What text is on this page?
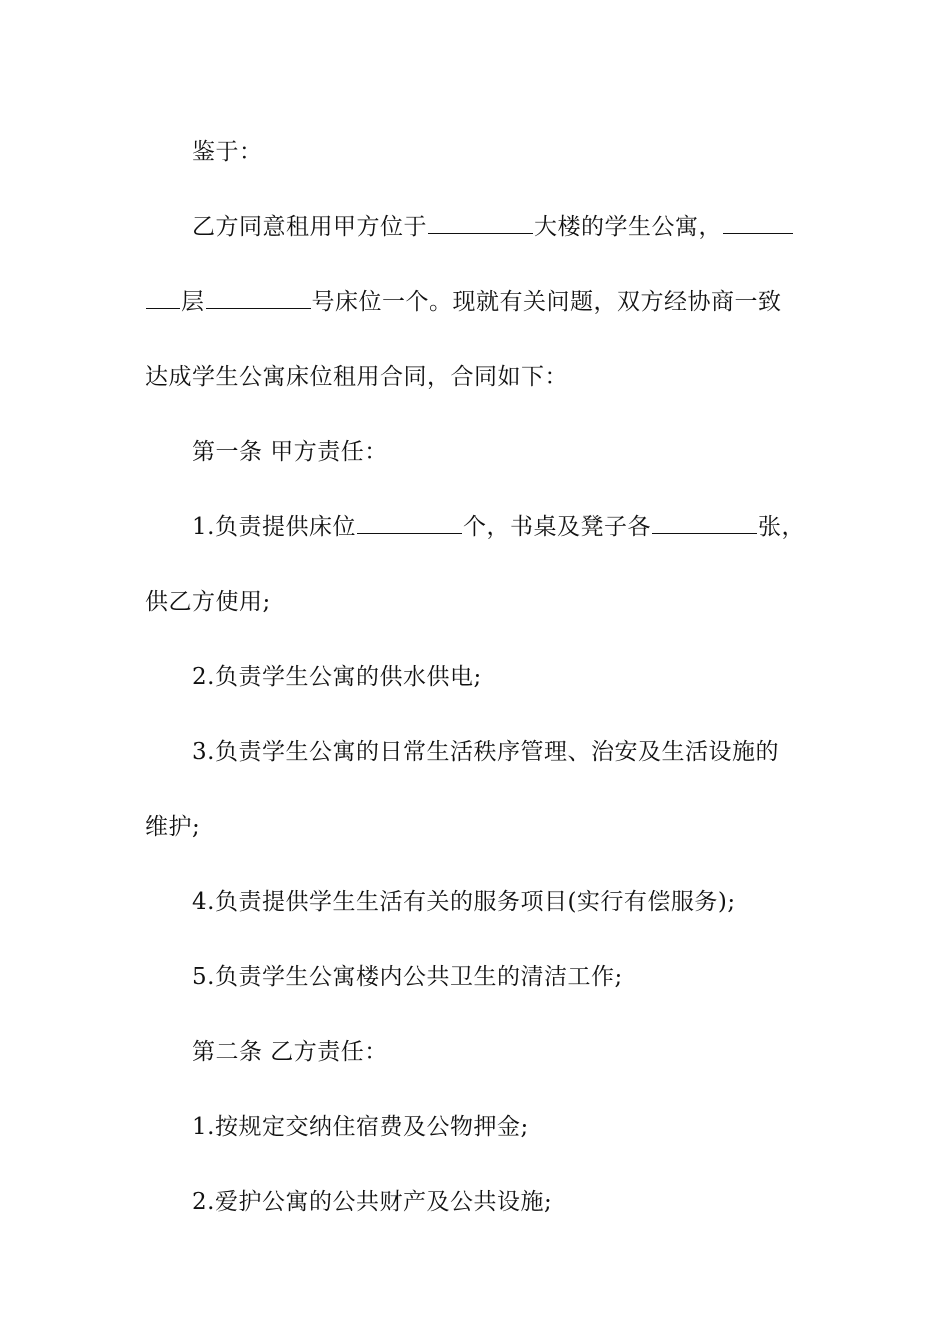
鉴于：
乙方同意租用甲方位于	大楼的学生公寓，
层	号床位一个。现就有关问题，双方经协商一致
达成学生公寓床位租用合同，合同如下：
第一条 甲方责任：
1.负责提供床位	个，书桌及凳子各	张，
供乙方使用;
2.负责学生公寓的供水供电;
3.负责学生公寓的日常生活秩序管理、治安及生活设施的
维护;
4.负责提供学生生活有关的服务项目(实行有偿服务);
5.负责学生公寓楼内公共卫生的清洁工作;
第二条 乙方责任：
1.按规定交纳住宿费及公物押金;
2.爱护公寓的公共财产及公共设施;
